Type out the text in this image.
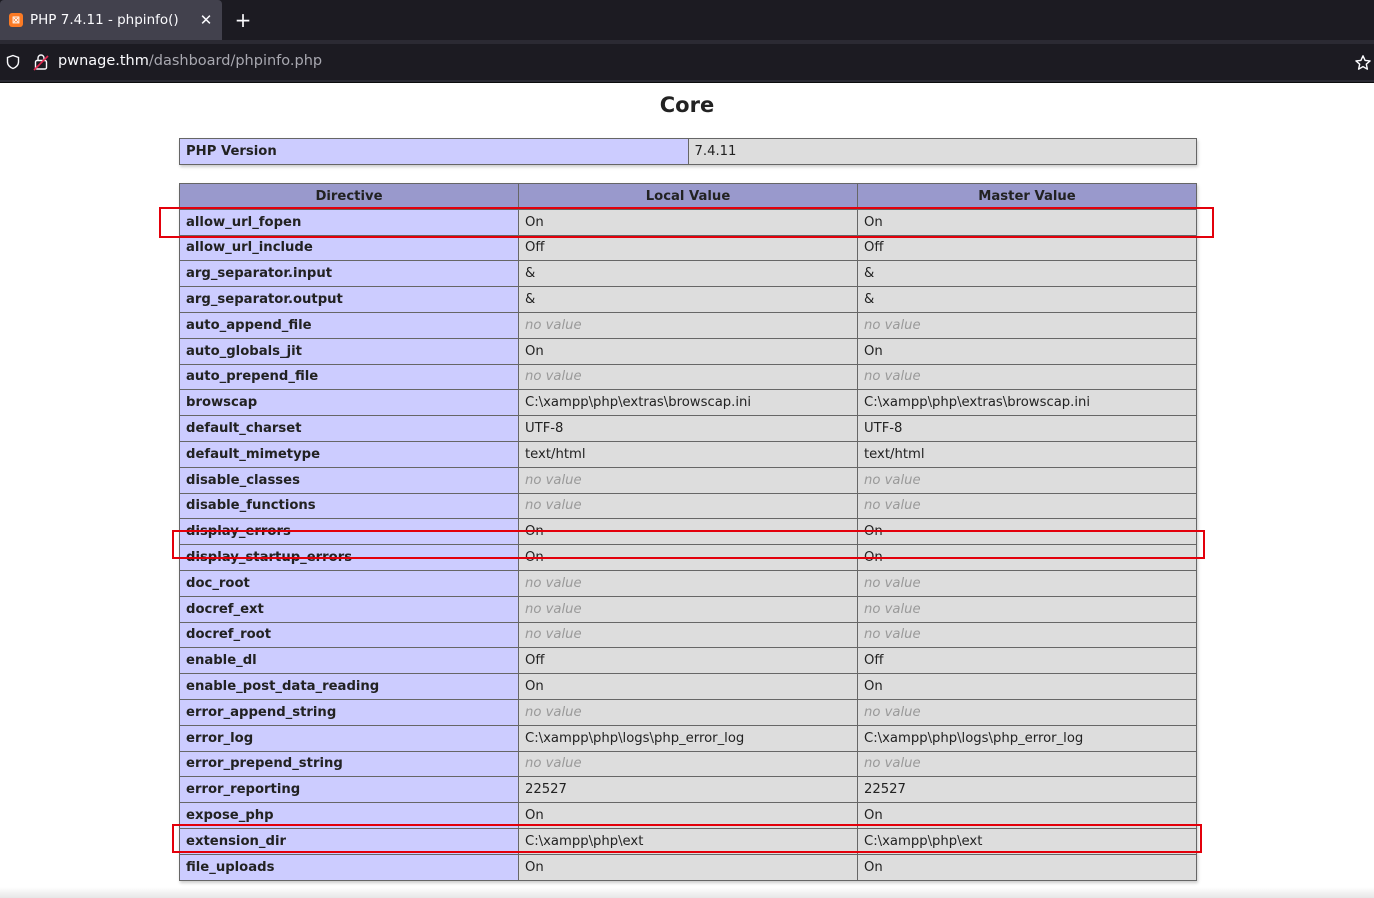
⊠ PHP 7.4.11 - phpinfo() ✕ +
pwnage.thm/dashboard/phpinfo.php
Core
PHP Version	7.4.11
Directive	Local Value	Master Value
allow_url_fopen	On	On
allow_url_include	Off	Off
arg_separator.input	&	&
arg_separator.output	&	&
auto_append_file	no value	no value
auto_globals_jit	On	On
auto_prepend_file	no value	no value
browscap	C:\xampp\php\extras\browscap.ini	C:\xampp\php\extras\browscap.ini
default_charset	UTF-8	UTF-8
default_mimetype	text/html	text/html
disable_classes	no value	no value
disable_functions	no value	no value
display_errors	On	On
display_startup_errors	On	On
doc_root	no value	no value
docref_ext	no value	no value
docref_root	no value	no value
enable_dl	Off	Off
enable_post_data_reading	On	On
error_append_string	no value	no value
error_log	C:\xampp\php\logs\php_error_log	C:\xampp\php\logs\php_error_log
error_prepend_string	no value	no value
error_reporting	22527	22527
expose_php	On	On
extension_dir	C:\xampp\php\ext	C:\xampp\php\ext
file_uploads	On	On
